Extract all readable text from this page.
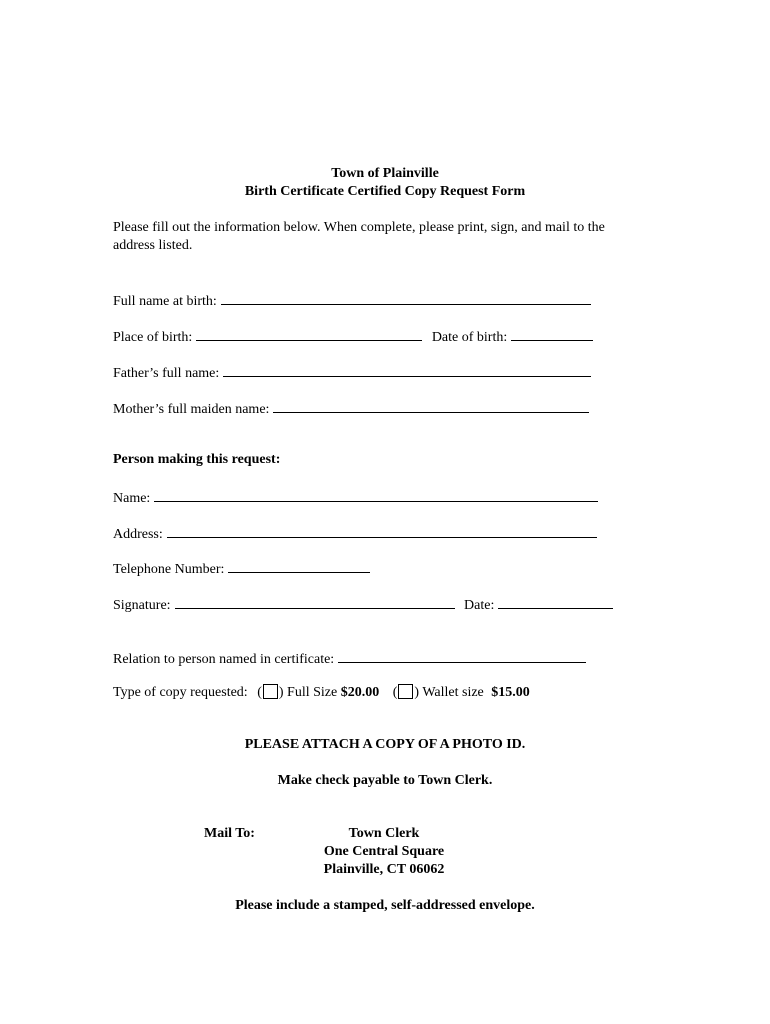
Town of Plainville
Birth Certificate Certified Copy Request Form
Please fill out the information below. When complete, please print, sign, and mail to the
address listed.
Full name at birth:
Place of birth:	Date of birth:
Father’s full name:
Mother’s full maiden name:
Person making this request:
Name:
Address:
Telephone Number:
Signature:	Date:
Relation to person named in certificate:
Type of copy requested: ( ) Full Size $20.00 ( ) Wallet size $15.00
PLEASE ATTACH A COPY OF A PHOTO ID.
Make check payable to Town Clerk.
Mail To:	Town Clerk
One Central Square
Plainville, CT 06062
Please include a stamped, self-addressed envelope.
